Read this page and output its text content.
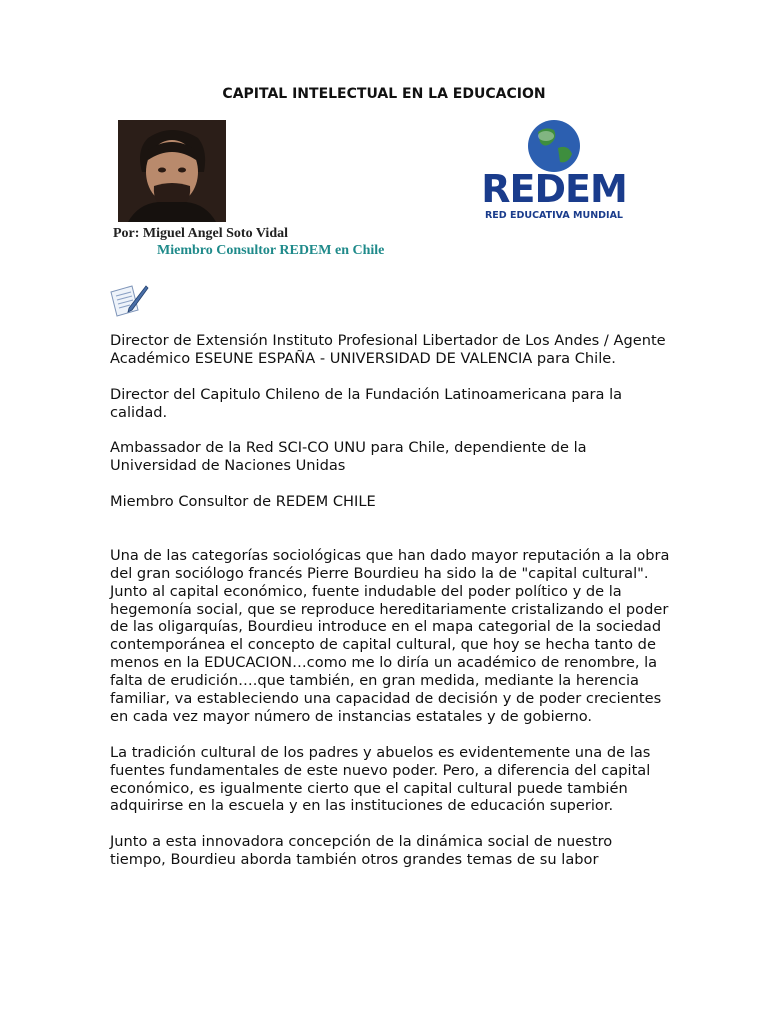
CAPITAL INTELECTUAL EN LA EDUCACION
REDEM
RED EDUCATIVA MUNDIAL
Por: Miguel Angel Soto Vidal
Miembro Consultor REDEM en Chile

Director de Extensión Instituto Profesional Libertador de Los Andes / Agente Académico ESEUNE ESPAÑA - UNIVERSIDAD DE VALENCIA para Chile.

Director del Capitulo Chileno de la Fundación Latinoamericana para la calidad.

Ambassador de la Red SCI-CO UNU para Chile, dependiente de la Universidad de Naciones Unidas

Miembro Consultor de REDEM CHILE

Una de las categorías sociológicas que han dado mayor reputación a la obra del gran sociólogo francés Pierre Bourdieu ha sido la de "capital cultural". Junto al capital económico, fuente indudable del poder político y de la hegemonía social, que se reproduce hereditariamente cristalizando el poder de las oligarquías, Bourdieu introduce en el mapa categorial de la sociedad contemporánea el concepto de capital cultural, que hoy se hecha tanto de menos en la EDUCACION…como me lo diría un académico de renombre, la falta de erudición….que también, en gran medida, mediante la herencia familiar, va estableciendo una capacidad de decisión y de poder crecientes en cada vez mayor número de instancias estatales y de gobierno.

La tradición cultural de los padres y abuelos es evidentemente una de las fuentes fundamentales de este nuevo poder. Pero, a diferencia del capital económico, es igualmente cierto que el capital cultural puede también adquirirse en la escuela y en las instituciones de educación superior.

Junto a esta innovadora concepción de la dinámica social de nuestro tiempo, Bourdieu aborda también otros grandes temas de su labor
